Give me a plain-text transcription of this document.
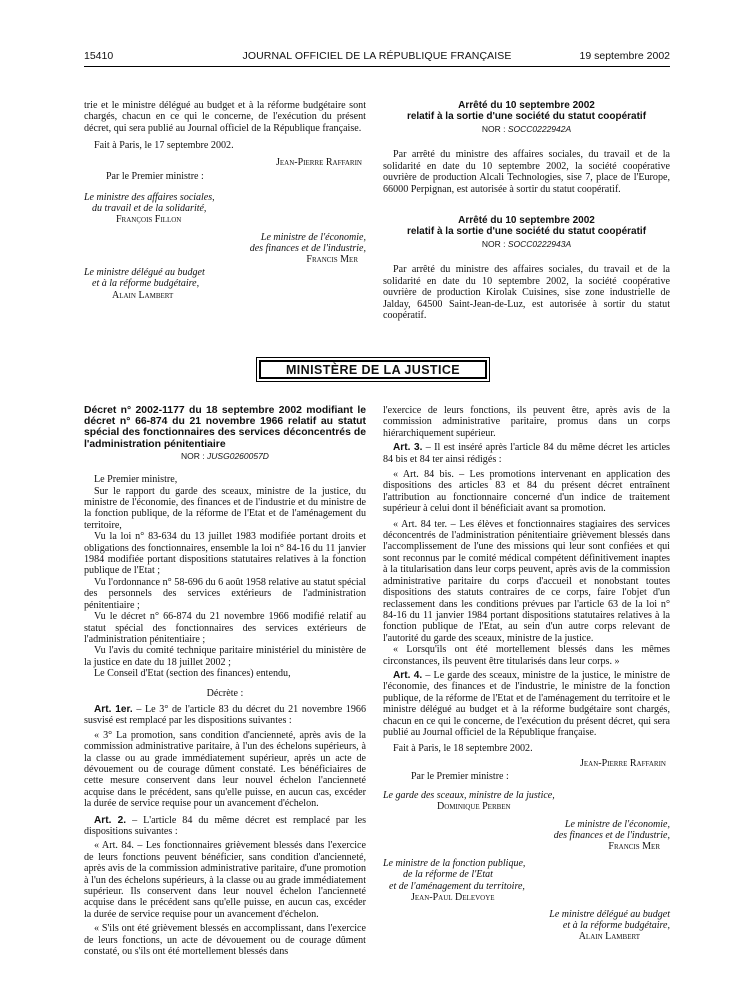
15410	JOURNAL OFFICIEL DE LA RÉPUBLIQUE FRANÇAISE	19 septembre 2002

trie et le ministre délégué au budget et à la réforme budgétaire sont chargés, chacun en ce qui le concerne, de l'exécution du présent décret, qui sera publié au Journal officiel de la République française.

Fait à Paris, le 17 septembre 2002.

Jean-Pierre Raffarin
Par le Premier ministre :
Le ministre des affaires sociales,
du travail et de la solidarité,
François Fillon
Le ministre de l'économie,
des finances et de l'industrie,
Francis Mer
Le ministre délégué au budget
et à la réforme budgétaire,
Alain Lambert
Arrêté du 10 septembre 2002
relatif à la sortie d'une société du statut coopératif
NOR : SOCC0222942A

Par arrêté du ministre des affaires sociales, du travail et de la solidarité en date du 10 septembre 2002, la société coopérative ouvrière de production Alcali Technologies, sise 7, place de l'Europe, 66000 Perpignan, est autorisée à sortir du statut coopératif.

Arrêté du 10 septembre 2002
relatif à la sortie d'une société du statut coopératif
NOR : SOCC0222943A

Par arrêté du ministre des affaires sociales, du travail et de la solidarité en date du 10 septembre 2002, la société coopérative ouvrière de production Kirolak Cuisines, sise zone industrielle de Jalday, 64500 Saint-Jean-de-Luz, est autorisée à sortir du statut coopératif.

MINISTÈRE DE LA JUSTICE
Décret n° 2002-1177 du 18 septembre 2002 modifiant le décret n° 66-874 du 21 novembre 1966 relatif au statut spécial des fonctionnaires des services déconcentrés de l'administration pénitentiaire
NOR : JUSG0260057D

Le Premier ministre,

Sur le rapport du garde des sceaux, ministre de la justice, du ministre de l'économie, des finances et de l'industrie et du ministre de la fonction publique, de la réforme de l'Etat et de l'aménagement du territoire,

Vu la loi n° 83-634 du 13 juillet 1983 modifiée portant droits et obligations des fonctionnaires, ensemble la loi n° 84-16 du 11 janvier 1984 modifiée portant dispositions statutaires relatives à la fonction publique de l'Etat ;

Vu l'ordonnance n° 58-696 du 6 août 1958 relative au statut spécial des personnels des services extérieurs de l'administration pénitentiaire ;

Vu le décret n° 66-874 du 21 novembre 1966 modifié relatif au statut spécial des fonctionnaires des services extérieurs de l'administration pénitentiaire ;

Vu l'avis du comité technique paritaire ministériel du ministère de la justice en date du 18 juillet 2002 ;

Le Conseil d'Etat (section des finances) entendu,

Décrète :

Art. 1er. – Le 3° de l'article 83 du décret du 21 novembre 1966 susvisé est remplacé par les dispositions suivantes :

« 3° La promotion, sans condition d'ancienneté, après avis de la commission administrative paritaire, à l'un des échelons supérieurs, à la classe ou au grade immédiatement supérieur, après un acte de dévouement ou de courage dûment constaté. Les bénéficiaires de cette mesure conservent dans leur nouvel échelon l'ancienneté acquise dans le précédent, sans qu'elle puisse, en aucun cas, excéder la durée de service requise pour un avancement d'échelon.

Art. 2. – L'article 84 du même décret est remplacé par les dispositions suivantes :

« Art. 84. – Les fonctionnaires grièvement blessés dans l'exercice de leurs fonctions peuvent bénéficier, sans condition d'ancienneté, après avis de la commission administrative paritaire, d'une promotion à l'un des échelons supérieurs, à la classe ou au grade immédiatement supérieur. Ils conservent dans leur nouvel échelon l'ancienneté acquise dans le précédent sans qu'elle puisse, en aucun cas, excéder la durée de service requise pour un avancement d'échelon.

« S'ils ont été grièvement blessés en accomplissant, dans l'exercice de leurs fonctions, un acte de dévouement ou de courage dûment constaté, ou s'ils ont été mortellement blessés dans

l'exercice de leurs fonctions, ils peuvent être, après avis de la commission administrative paritaire, promus dans un corps hiérarchiquement supérieur.

Art. 3. – Il est inséré après l'article 84 du même décret les articles 84 bis et 84 ter ainsi rédigés :

« Art. 84 bis. – Les promotions intervenant en application des dispositions des articles 83 et 84 du présent décret entraînent l'attribution au fonctionnaire concerné d'un indice de traitement supérieur à celui dont il bénéficiait avant sa promotion.

« Art. 84 ter. – Les élèves et fonctionnaires stagiaires des services déconcentrés de l'administration pénitentiaire grièvement blessés dans l'accomplissement de l'une des missions qui leur sont confiées et qui sont reconnus par le comité médical compétent définitivement inaptes à la titularisation dans leur corps peuvent, après avis de la commission administrative paritaire du corps d'accueil et nonobstant toutes dispositions des statuts contraires de ce corps, faire l'objet d'un reclassement dans les conditions prévues par l'article 63 de la loi n° 84-16 du 11 janvier 1984 portant dispositions statutaires relatives à la fonction publique de l'Etat, au sein d'un autre corps relevant de l'autorité du garde des sceaux, ministre de la justice.

« Lorsqu'ils ont été mortellement blessés dans les mêmes circonstances, ils peuvent être titularisés dans leur corps. »

Art. 4. – Le garde des sceaux, ministre de la justice, le ministre de l'économie, des finances et de l'industrie, le ministre de la fonction publique, de la réforme de l'Etat et de l'aménagement du territoire et le ministre délégué au budget et à la réforme budgétaire sont chargés, chacun en ce qui le concerne, de l'exécution du présent décret, qui sera publié au Journal officiel de la République française.

Fait à Paris, le 18 septembre 2002.

Jean-Pierre Raffarin
Par le Premier ministre :
Le garde des sceaux, ministre de la justice,
Dominique Perben
Le ministre de l'économie,
des finances et de l'industrie,
Francis Mer
Le ministre de la fonction publique,
de la réforme de l'Etat
et de l'aménagement du territoire,
Jean-Paul Delevoye
Le ministre délégué au budget
et à la réforme budgétaire,
Alain Lambert
